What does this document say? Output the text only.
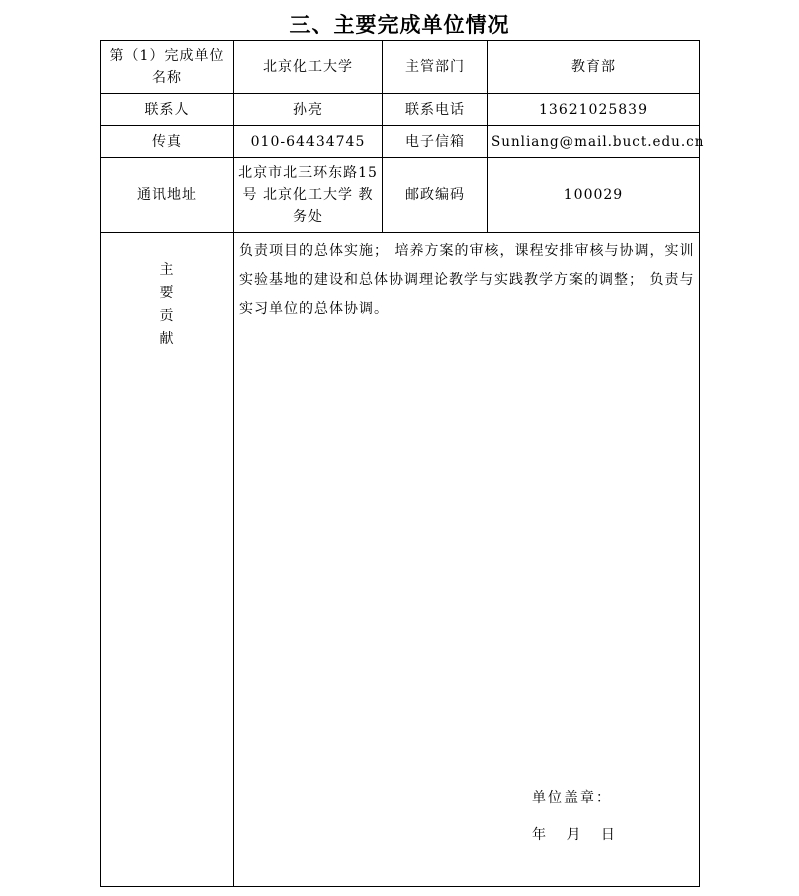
三、主要完成单位情况
第（1）完成单位名称	北京化工大学	主管部门	教育部
联系人	孙亮	联系电话	13621025839
传真	010-64434745	电子信箱	Sunliang@mail.buct.edu.cn
通讯地址	北京市北三环东路15号 北京化工大学 教务处	邮政编码	100029
主要贡献	负责项目的总体实施； 培养方案的审核，课程安排审核与协调，实训实验基地的建设和总体协调理论教学与实践教学方案的调整； 负责与实习单位的总体协调。
单位盖章：
年 月 日		
